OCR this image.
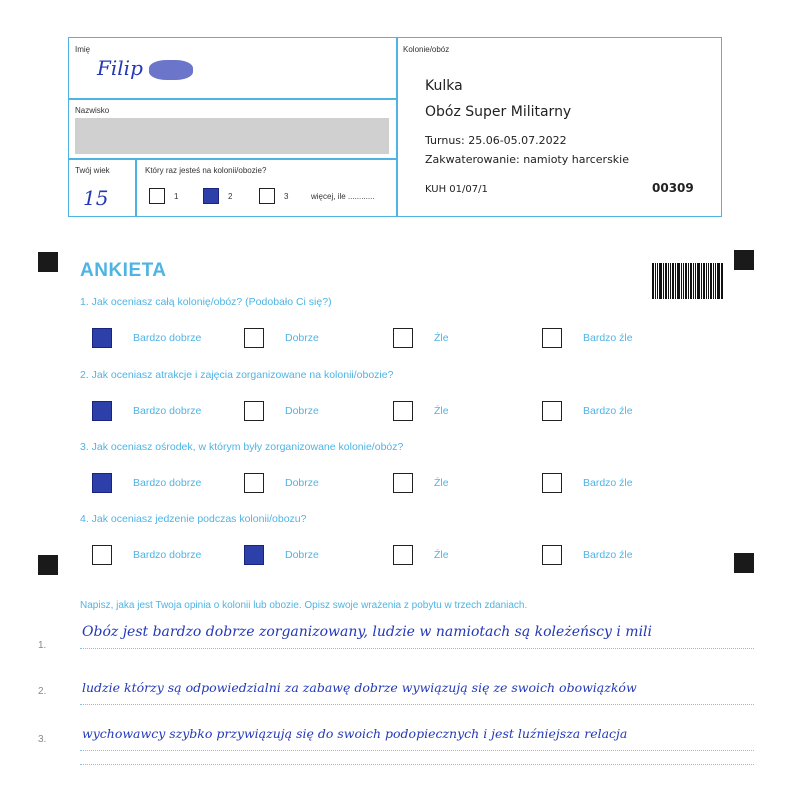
Imię
Filip
Nazwisko
Twój wiek
15
Który raz jesteś na kolonii/obozie?
1	2	3	więcej, ile ............
Kolonie/obóz
Kulka
Obóz Super Militarny
Turnus: 25.06-05.07.2022
Zakwaterowanie: namioty harcerskie
KUH 01/07/1	00309
ANKIETA
1. Jak oceniasz całą kolonię/obóz? (Podobało Ci się?)
Bardzo dobrze	Dobrze	Źle	Bardzo źle
2. Jak oceniasz atrakcje i zajęcia zorganizowane na kolonii/obozie?
Bardzo dobrze	Dobrze	Źle	Bardzo źle
3. Jak oceniasz ośrodek, w którym były zorganizowane kolonie/obóz?
Bardzo dobrze	Dobrze	Źle	Bardzo źle
4. Jak oceniasz jedzenie podczas kolonii/obozu?
Bardzo dobrze	Dobrze	Źle	Bardzo źle
Napisz, jaka jest Twoja opinia o kolonii lub obozie. Opisz swoje wrażenia z pobytu w trzech zdaniach.
1.
Obóz jest bardzo dobrze zorganizowany, ludzie w namiotach są koleżeńscy i mili
2.	ludzie którzy są odpowiedzialni za zabawę dobrze wywiązują się ze swoich obowiązków
3.	wychowawcy szybko przywiązują się do swoich podopiecznych i jest luźniejsza relacja
